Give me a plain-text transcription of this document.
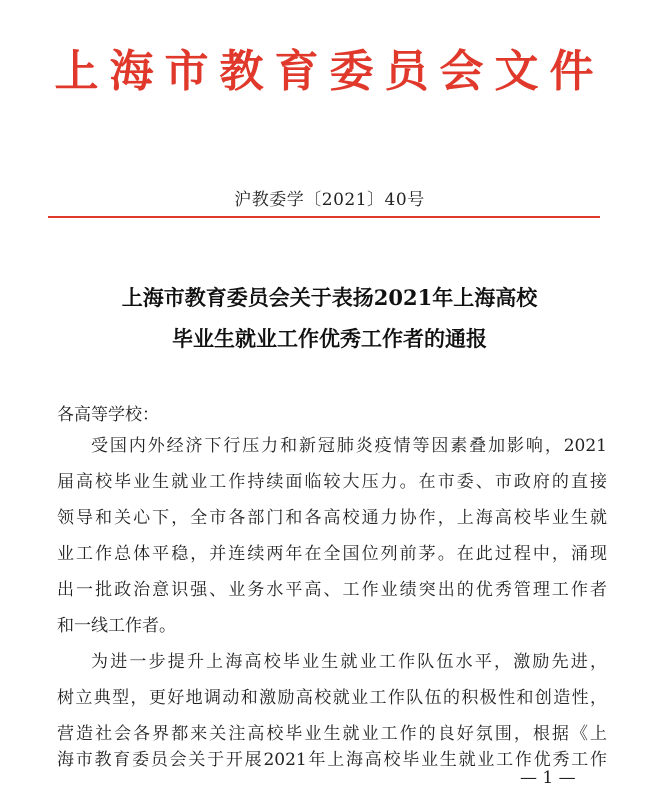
上海市教育委员会文件
沪教委学〔2021〕40号
上海市教育委员会关于表扬2021年上海高校
毕业生就业工作优秀工作者的通报
各高等学校：
受国内外经济下行压力和新冠肺炎疫情等因素叠加影响，2021
届高校毕业生就业工作持续面临较大压力。在市委、市政府的直接
领导和关心下，全市各部门和各高校通力协作，上海高校毕业生就
业工作总体平稳，并连续两年在全国位列前茅。在此过程中，涌现
出一批政治意识强、业务水平高、工作业绩突出的优秀管理工作者
和一线工作者。
为进一步提升上海高校毕业生就业工作队伍水平，激励先进，
树立典型，更好地调动和激励高校就业工作队伍的积极性和创造性，
营造社会各界都来关注高校毕业生就业工作的良好氛围，根据《上
海市教育委员会关于开展2021年上海高校毕业生就业工作优秀工作
— 1 —
